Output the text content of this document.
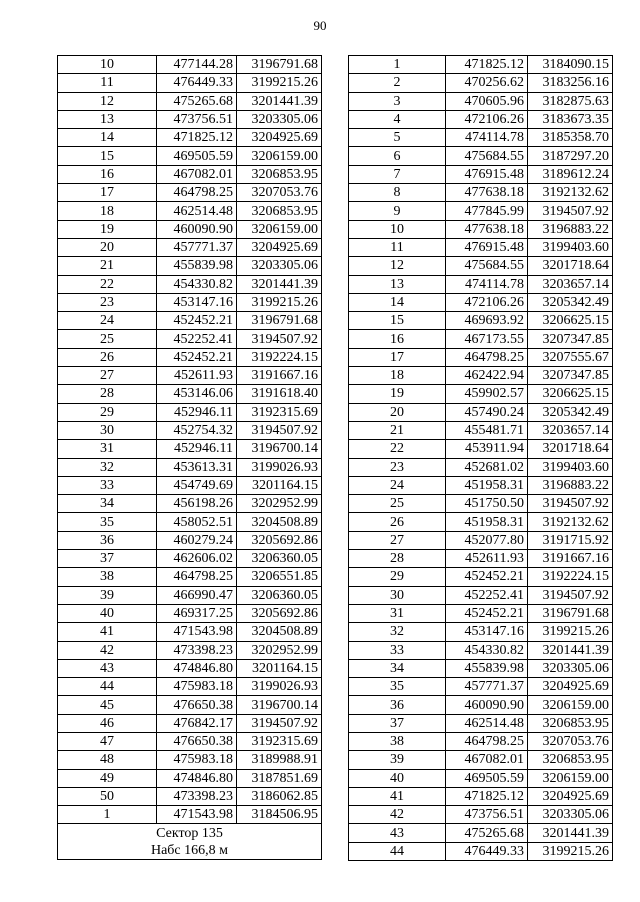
90
10	477144.28	3196791.68
11	476449.33	3199215.26
12	475265.68	3201441.39
13	473756.51	3203305.06
14	471825.12	3204925.69
15	469505.59	3206159.00
16	467082.01	3206853.95
17	464798.25	3207053.76
18	462514.48	3206853.95
19	460090.90	3206159.00
20	457771.37	3204925.69
21	455839.98	3203305.06
22	454330.82	3201441.39
23	453147.16	3199215.26
24	452452.21	3196791.68
25	452252.41	3194507.92
26	452452.21	3192224.15
27	452611.93	3191667.16
28	453146.06	3191618.40
29	452946.11	3192315.69
30	452754.32	3194507.92
31	452946.11	3196700.14
32	453613.31	3199026.93
33	454749.69	3201164.15
34	456198.26	3202952.99
35	458052.51	3204508.89
36	460279.24	3205692.86
37	462606.02	3206360.05
38	464798.25	3206551.85
39	466990.47	3206360.05
40	469317.25	3205692.86
41	471543.98	3204508.89
42	473398.23	3202952.99
43	474846.80	3201164.15
44	475983.18	3199026.93
45	476650.38	3196700.14
46	476842.17	3194507.92
47	476650.38	3192315.69
48	475983.18	3189988.91
49	474846.80	3187851.69
50	473398.23	3186062.85
1	471543.98	3184506.95
Сектор 135		
Набс 166,8 м		
1	471825.12	3184090.15
2	470256.62	3183256.16
3	470605.96	3182875.63
4	472106.26	3183673.35
5	474114.78	3185358.70
6	475684.55	3187297.20
7	476915.48	3189612.24
8	477638.18	3192132.62
9	477845.99	3194507.92
10	477638.18	3196883.22
11	476915.48	3199403.60
12	475684.55	3201718.64
13	474114.78	3203657.14
14	472106.26	3205342.49
15	469693.92	3206625.15
16	467173.55	3207347.85
17	464798.25	3207555.67
18	462422.94	3207347.85
19	459902.57	3206625.15
20	457490.24	3205342.49
21	455481.71	3203657.14
22	453911.94	3201718.64
23	452681.02	3199403.60
24	451958.31	3196883.22
25	451750.50	3194507.92
26	451958.31	3192132.62
27	452077.80	3191715.92
28	452611.93	3191667.16
29	452452.21	3192224.15
30	452252.41	3194507.92
31	452452.21	3196791.68
32	453147.16	3199215.26
33	454330.82	3201441.39
34	455839.98	3203305.06
35	457771.37	3204925.69
36	460090.90	3206159.00
37	462514.48	3206853.95
38	464798.25	3207053.76
39	467082.01	3206853.95
40	469505.59	3206159.00
41	471825.12	3204925.69
42	473756.51	3203305.06
43	475265.68	3201441.39
44	476449.33	3199215.26
